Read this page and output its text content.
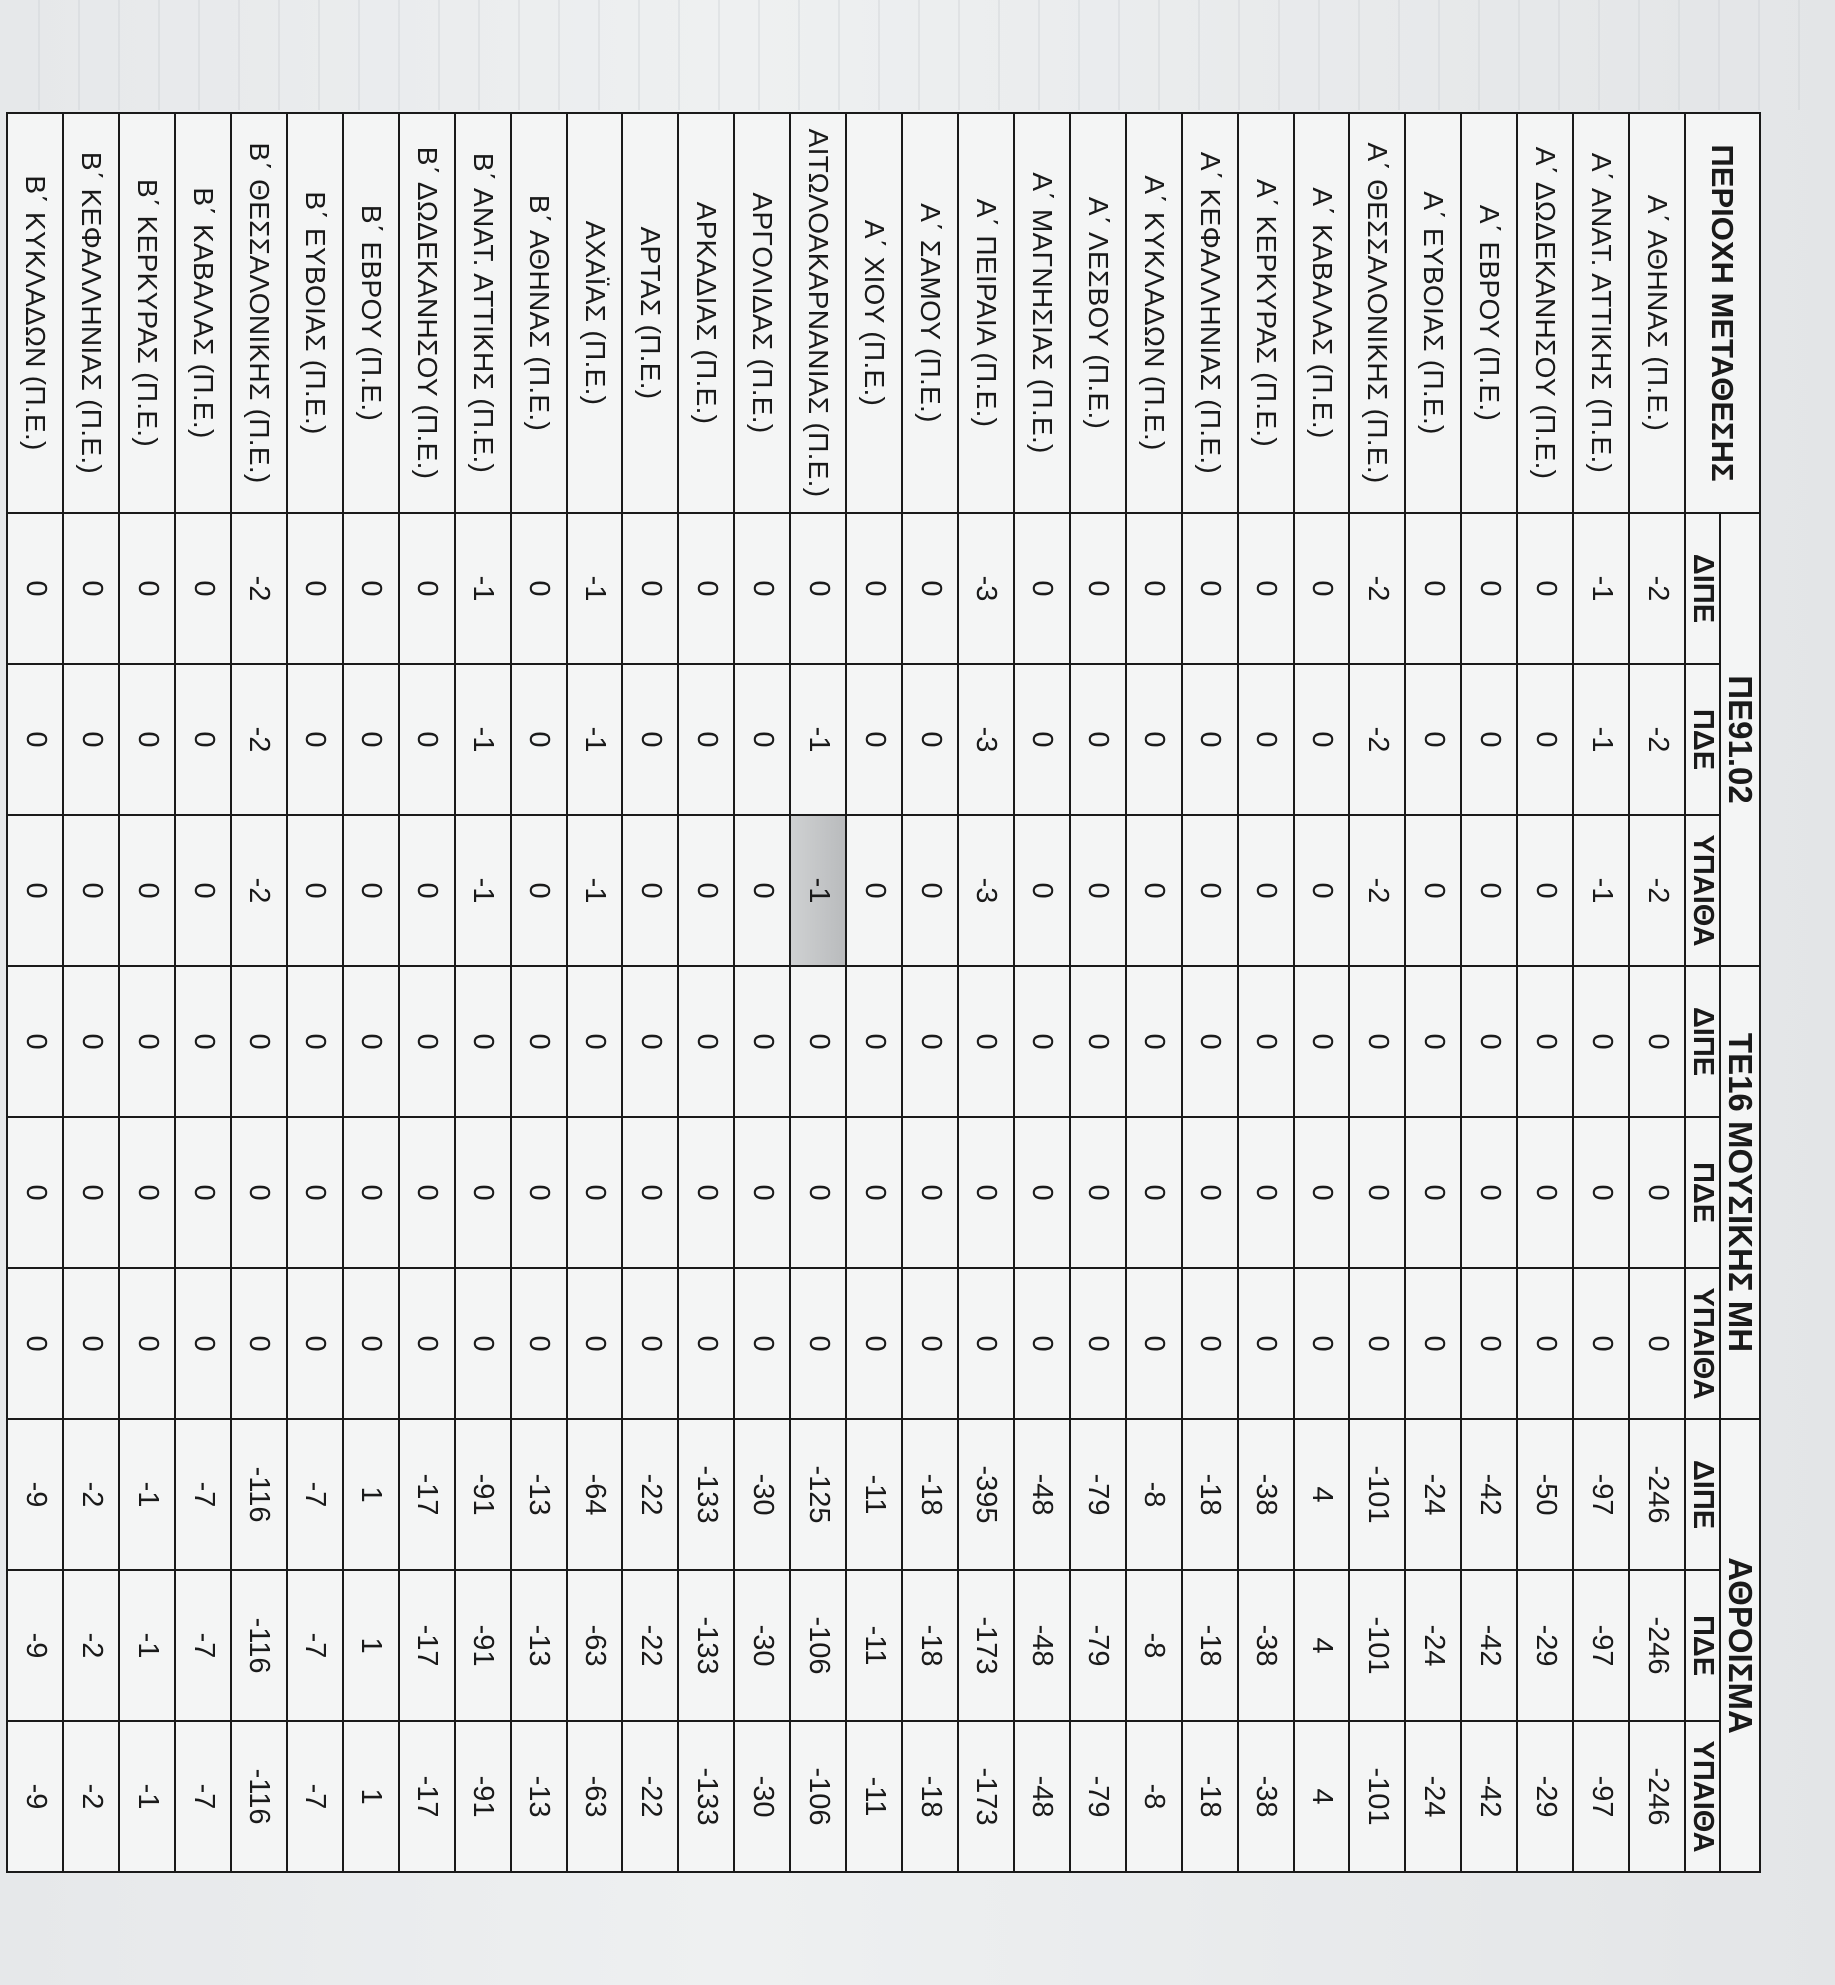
ΠΕΡΙΟΧΗ ΜΕΤΑΘΕΣΗΣ	ΠΕ91.02			ΤΕ16 ΜΟΥΣΙΚΗΣ ΜΗ			ΑΘΡΟΙΣΜΑ		
	ΔΙΠΕ	ΠΔΕ	ΥΠΑΙΘΑ	ΔΙΠΕ	ΠΔΕ	ΥΠΑΙΘΑ	ΔΙΠΕ	ΠΔΕ	ΥΠΑΙΘΑ
Α΄ ΑΘΗΝΑΣ (Π.Ε.)	-2	-2	-2	0	0	0	-246	-246	-246
Α΄ ΑΝΑΤ. ΑΤΤΙΚΗΣ (Π.Ε.)	-1	-1	-1	0	0	0	-97	-97	-97
Α΄ ΔΩΔΕΚΑΝΗΣΟΥ (Π.Ε.)	0	0	0	0	0	0	-50	-29	-29
Α΄ ΕΒΡΟΥ (Π.Ε.)	0	0	0	0	0	0	-42	-42	-42
Α΄ ΕΥΒΟΙΑΣ (Π.Ε.)	0	0	0	0	0	0	-24	-24	-24
Α΄ ΘΕΣΣΑΛΟΝΙΚΗΣ (Π.Ε.)	-2	-2	-2	0	0	0	-101	-101	-101
Α΄ ΚΑΒΑΛΑΣ (Π.Ε.)	0	0	0	0	0	0	4	4	4
Α΄ ΚΕΡΚΥΡΑΣ (Π.Ε.)	0	0	0	0	0	0	-38	-38	-38
Α΄ ΚΕΦΑΛΛΗΝΙΑΣ (Π.Ε.)	0	0	0	0	0	0	-18	-18	-18
Α΄ ΚΥΚΛΑΔΩΝ (Π.Ε.)	0	0	0	0	0	0	-8	-8	-8
Α΄ ΛΕΣΒΟΥ (Π.Ε.)	0	0	0	0	0	0	-79	-79	-79
Α΄ ΜΑΓΝΗΣΙΑΣ (Π.Ε.)	0	0	0	0	0	0	-48	-48	-48
Α΄ ΠΕΙΡΑΙΑ (Π.Ε.)	-3	-3	-3	0	0	0	-395	-173	-173
Α΄ ΣΑΜΟΥ (Π.Ε.)	0	0	0	0	0	0	-18	-18	-18
Α΄ ΧΙΟΥ (Π.Ε.)	0	0	0	0	0	0	-11	-11	-11
ΑΙΤΩΛΟΑΚΑΡΝΑΝΙΑΣ (Π.Ε.)	0	-1	-1	0	0	0	-125	-106	-106
ΑΡΓΟΛΙΔΑΣ (Π.Ε.)	0	0	0	0	0	0	-30	-30	-30
ΑΡΚΑΔΙΑΣ (Π.Ε.)	0	0	0	0	0	0	-133	-133	-133
ΑΡΤΑΣ (Π.Ε.)	0	0	0	0	0	0	-22	-22	-22
ΑΧΑΪΑΣ (Π.Ε.)	-1	-1	-1	0	0	0	-64	-63	-63
Β΄ ΑΘΗΝΑΣ (Π.Ε.)	0	0	0	0	0	0	-13	-13	-13
Β΄ ΑΝΑΤ. ΑΤΤΙΚΗΣ (Π.Ε.)	-1	-1	-1	0	0	0	-91	-91	-91
Β΄ ΔΩΔΕΚΑΝΗΣΟΥ (Π.Ε.)	0	0	0	0	0	0	-17	-17	-17
Β΄ ΕΒΡΟΥ (Π.Ε.)	0	0	0	0	0	0	1	1	1
Β΄ ΕΥΒΟΙΑΣ (Π.Ε.)	0	0	0	0	0	0	-7	-7	-7
Β΄ ΘΕΣΣΑΛΟΝΙΚΗΣ (Π.Ε.)	-2	-2	-2	0	0	0	-116	-116	-116
Β΄ ΚΑΒΑΛΑΣ (Π.Ε.)	0	0	0	0	0	0	-7	-7	-7
Β΄ ΚΕΡΚΥΡΑΣ (Π.Ε.)	0	0	0	0	0	0	-1	-1	-1
Β΄ ΚΕΦΑΛΛΗΝΙΑΣ (Π.Ε.)	0	0	0	0	0	0	-2	-2	-2
Β΄ ΚΥΚΛΑΔΩΝ (Π.Ε.)	0	0	0	0	0	0	-9	-9	-9
